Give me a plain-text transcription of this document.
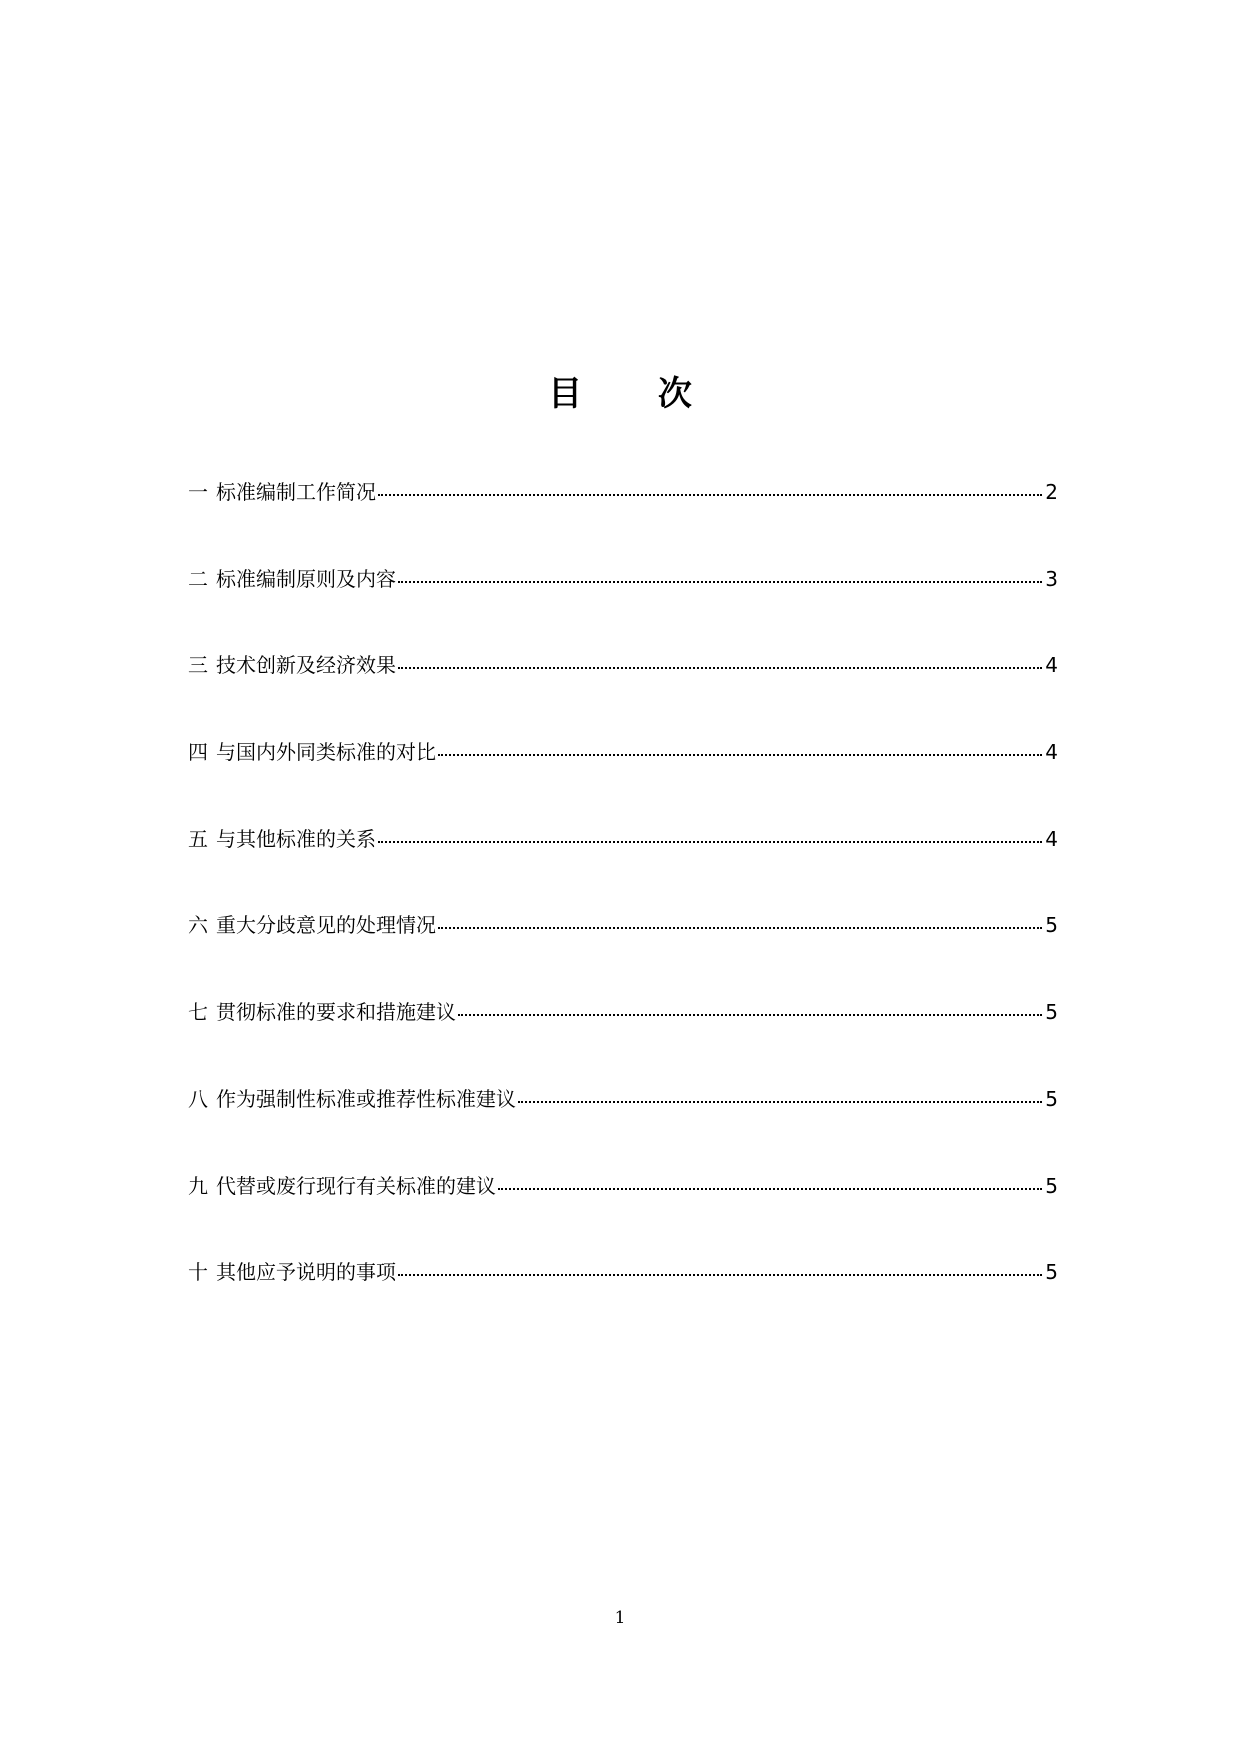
目 次
一 标准编制工作简况	2
二 标准编制原则及内容	3
三 技术创新及经济效果	4
四 与国内外同类标准的对比	4
五 与其他标准的关系	4
六 重大分歧意见的处理情况	5
七 贯彻标准的要求和措施建议	5
八 作为强制性标准或推荐性标准建议	5
九 代替或废行现行有关标准的建议	5
十 其他应予说明的事项	5
1
